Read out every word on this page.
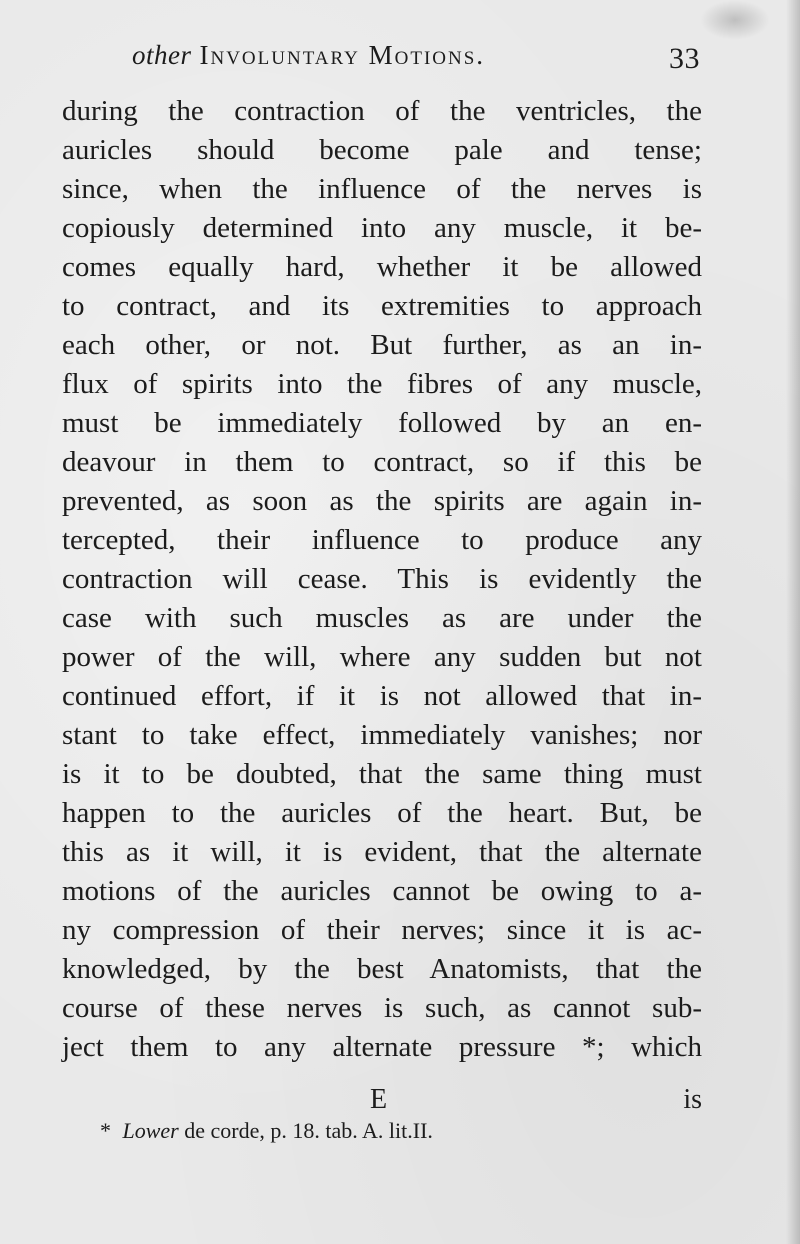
other Involuntary Motions.	33
during the contraction of the ventricles, the
auricles should become pale and tense;
since, when the influence of the nerves is
copiously determined into any muscle, it be-
comes equally hard, whether it be allowed
to contract, and its extremities to approach
each other, or not. But further, as an in-
flux of spirits into the fibres of any muscle,
must be immediately followed by an en-
deavour in them to contract, so if this be
prevented, as soon as the spirits are again in-
tercepted, their influence to produce any
contraction will cease. This is evidently the
case with such muscles as are under the
power of the will, where any sudden but not
continued effort, if it is not allowed that in-
stant to take effect, immediately vanishes; nor
is it to be doubted, that the same thing must
happen to the auricles of the heart. But, be
this as it will, it is evident, that the alternate
motions of the auricles cannot be owing to a-
ny compression of their nerves; since it is ac-
knowledged, by the best Anatomists, that the
course of these nerves is such, as cannot sub-
ject them to any alternate pressure *; which
E	is
* Lower de corde, p. 18. tab. A. lit.II.
